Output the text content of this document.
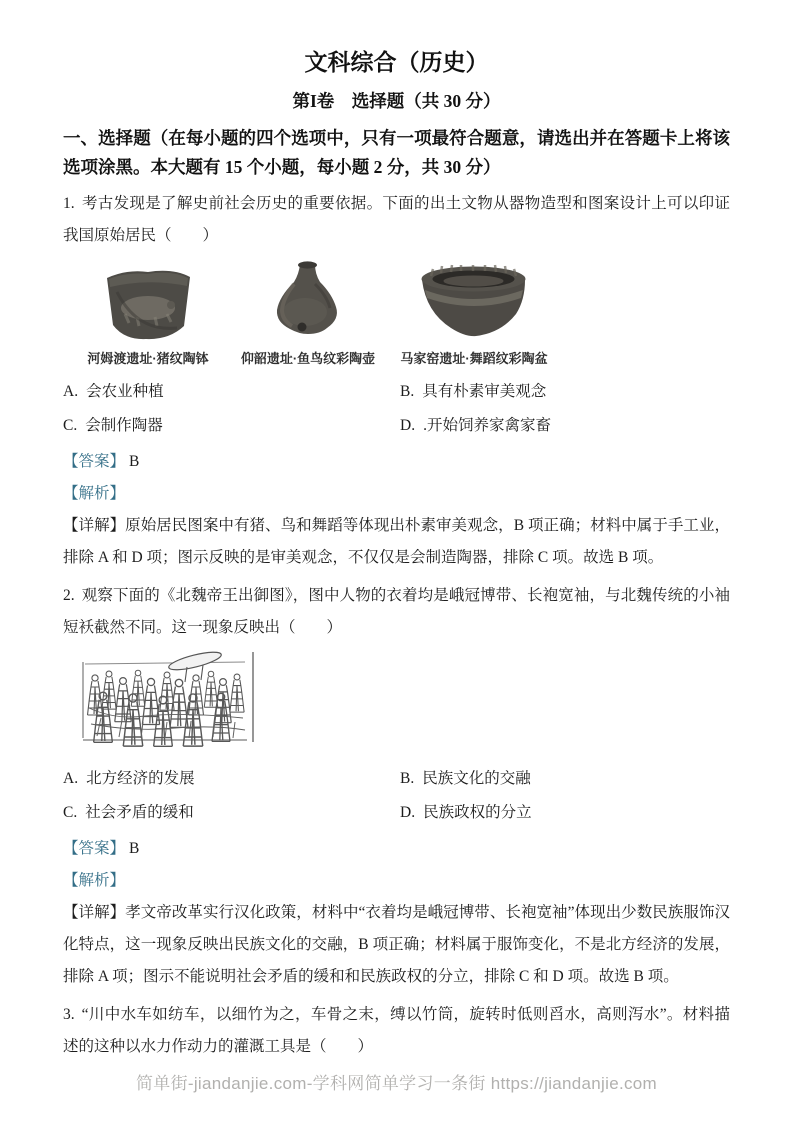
文科综合（历史）
第I卷　选择题（共 30 分）

一、选择题（在每小题的四个选项中，只有一项最符合题意，请选出并在答题卡上将该选项涂黑。本大题有 15 个小题，每小题 2 分，共 30 分）

1. 考古发现是了解史前社会历史的重要依据。下面的出土文物从器物造型和图案设计上可以印证我国原始居民（　　）

河姆渡遗址·猪纹陶钵	仰韶遗址·鱼鸟纹彩陶壶	马家窑遗址·舞蹈纹彩陶盆
A. 会农业种植	B. 具有朴素审美观念
C. 会制作陶器	D. .开始饲养家禽家畜

【答案】 B

【解析】

【详解】原始居民图案中有猪、鸟和舞蹈等体现出朴素审美观念，B 项正确；材料中属于手工业，排除 A 和 D 项；图示反映的是审美观念，不仅仅是会制造陶器，排除 C 项。故选 B 项。

2. 观察下面的《北魏帝王出御图》，图中人物的衣着均是峨冠博带、长袍宽袖，与北魏传统的小袖短袄截然不同。这一现象反映出（　　）

A. 北方经济的发展	B. 民族文化的交融
C. 社会矛盾的缓和	D. 民族政权的分立

【答案】 B

【解析】

【详解】孝文帝改革实行汉化政策，材料中“衣着均是峨冠博带、长袍宽袖”体现出少数民族服饰汉化特点，这一现象反映出民族文化的交融，B 项正确；材料属于服饰变化，不是北方经济的发展，排除 A 项；图示不能说明社会矛盾的缓和和民族政权的分立，排除 C 和 D 项。故选 B 项。

3. “川中水车如纺车，以细竹为之，车骨之末，缚以竹筒，旋转时低则舀水，高则泻水”。材料描述的这种以水力作动力的灌溉工具是（　　）

简单街-jiandanjie.com-学科网简单学习一条街 https://jiandanjie.com
